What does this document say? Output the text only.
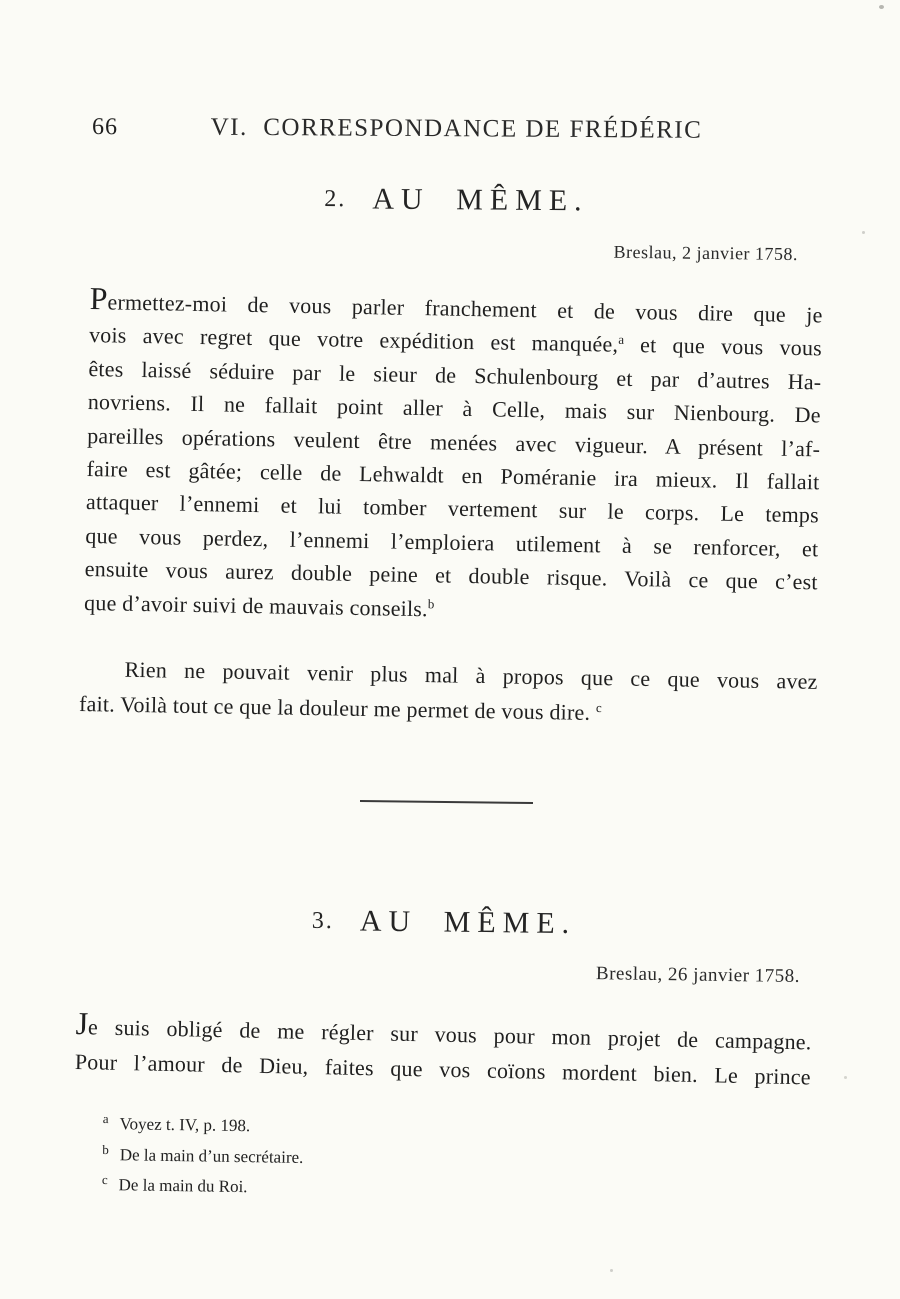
66	VI.  CORRESPONDANCE DE FRÉDÉRIC
2. AU MÊME.
Breslau, 2 janvier 1758.
Permettez-moi de vous parler franchement et de vous dire que je
vois avec regret que votre expédition est manquée,$^a$ et que vous vous
êtes laissé séduire par le sieur de Schulenbourg et par d’autres Ha-
novriens. Il ne fallait point aller à Celle, mais sur Nienbourg. De
pareilles opérations veulent être menées avec vigueur. A présent l’af-
faire est gâtée; celle de Lehwaldt en Poméranie ira mieux. Il fallait
attaquer l’ennemi et lui tomber vertement sur le corps. Le temps
que vous perdez, l’ennemi l’emploiera utilement à se renforcer, et
ensuite vous aurez double peine et double risque. Voilà ce que c’est
que d’avoir suivi de mauvais conseils.$^b$
Rien ne pouvait venir plus mal à propos que ce que vous avez
fait. Voilà tout ce que la douleur me permet de vous dire. $^c$
3. AU MÊME.
Breslau, 26 janvier 1758.
Je suis obligé de me régler sur vous pour mon projet de campagne.
Pour l’amour de Dieu, faites que vos coïons mordent bien. Le prince
$^a$ Voyez t. IV, p. 198.
$^b$ De la main d’un secrétaire.
$^c$ De la main du Roi.
